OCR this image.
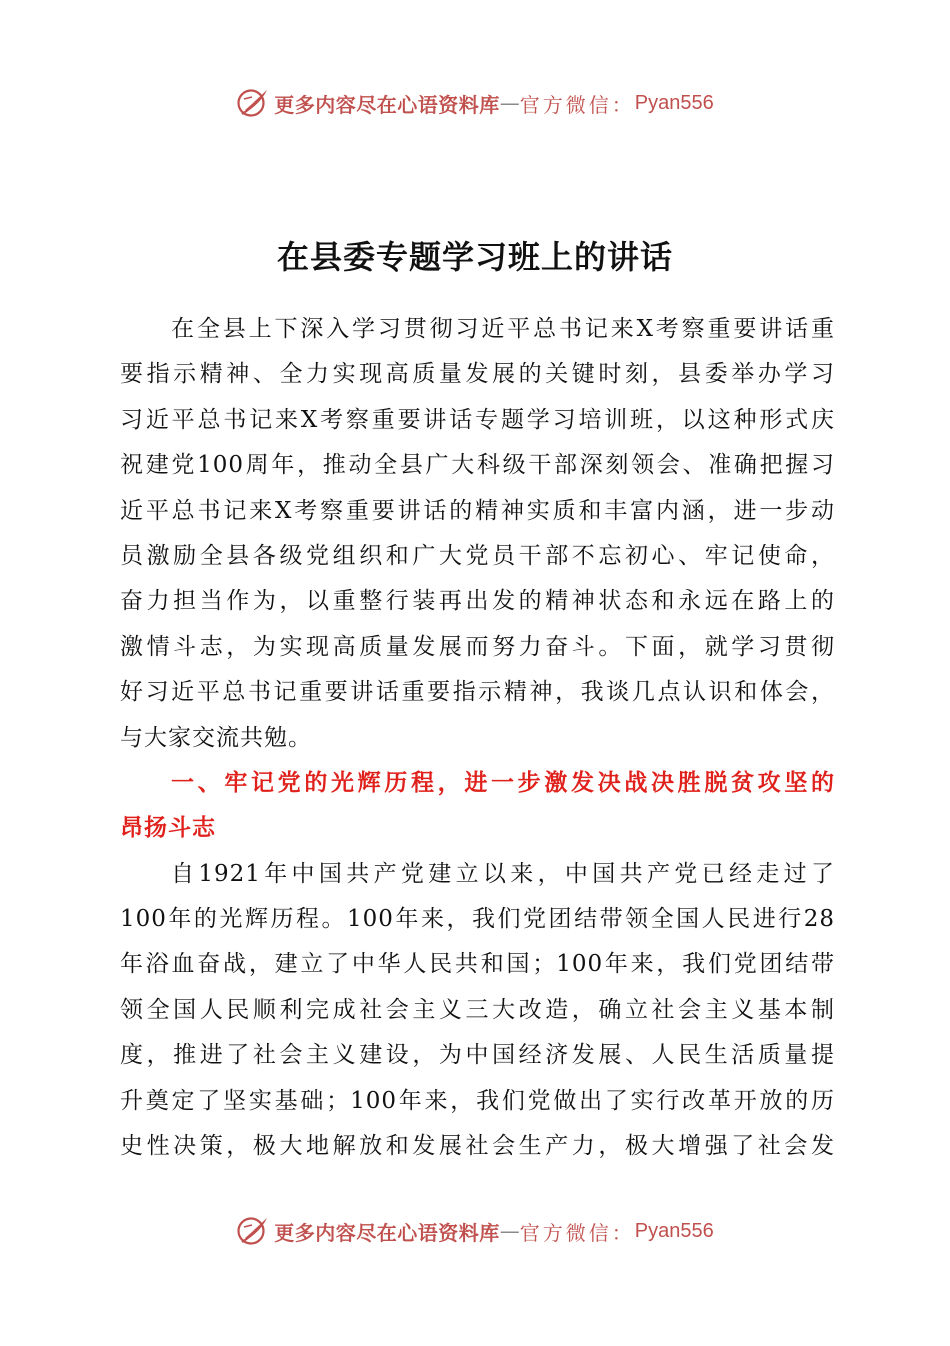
更多内容尽在心语资料库 — 官方微信： Pyan556
在县委专题学习班上的讲话
在全县上下深入学习贯彻习近平总书记来X考察重要讲话重
要指示精神、全力实现高质量发展的关键时刻，县委举办学习
习近平总书记来X考察重要讲话专题学习培训班，以这种形式庆
祝建党100周年，推动全县广大科级干部深刻领会、准确把握习
近平总书记来X考察重要讲话的精神实质和丰富内涵，进一步动
员激励全县各级党组织和广大党员干部不忘初心、牢记使命，
奋力担当作为，以重整行装再出发的精神状态和永远在路上的
激情斗志，为实现高质量发展而努力奋斗。下面，就学习贯彻
好习近平总书记重要讲话重要指示精神，我谈几点认识和体会，
与大家交流共勉。
一、牢记党的光辉历程，进一步激发决战决胜脱贫攻坚的
昂扬斗志
自1921年中国共产党建立以来，中国共产党已经走过了
100年的光辉历程。100年来，我们党团结带领全国人民进行28
年浴血奋战，建立了中华人民共和国；100年来，我们党团结带
领全国人民顺利完成社会主义三大改造，确立社会主义基本制
度，推进了社会主义建设，为中国经济发展、人民生活质量提
升奠定了坚实基础；100年来，我们党做出了实行改革开放的历
史性决策，极大地解放和发展社会生产力，极大增强了社会发
更多内容尽在心语资料库 — 官方微信： Pyan556
